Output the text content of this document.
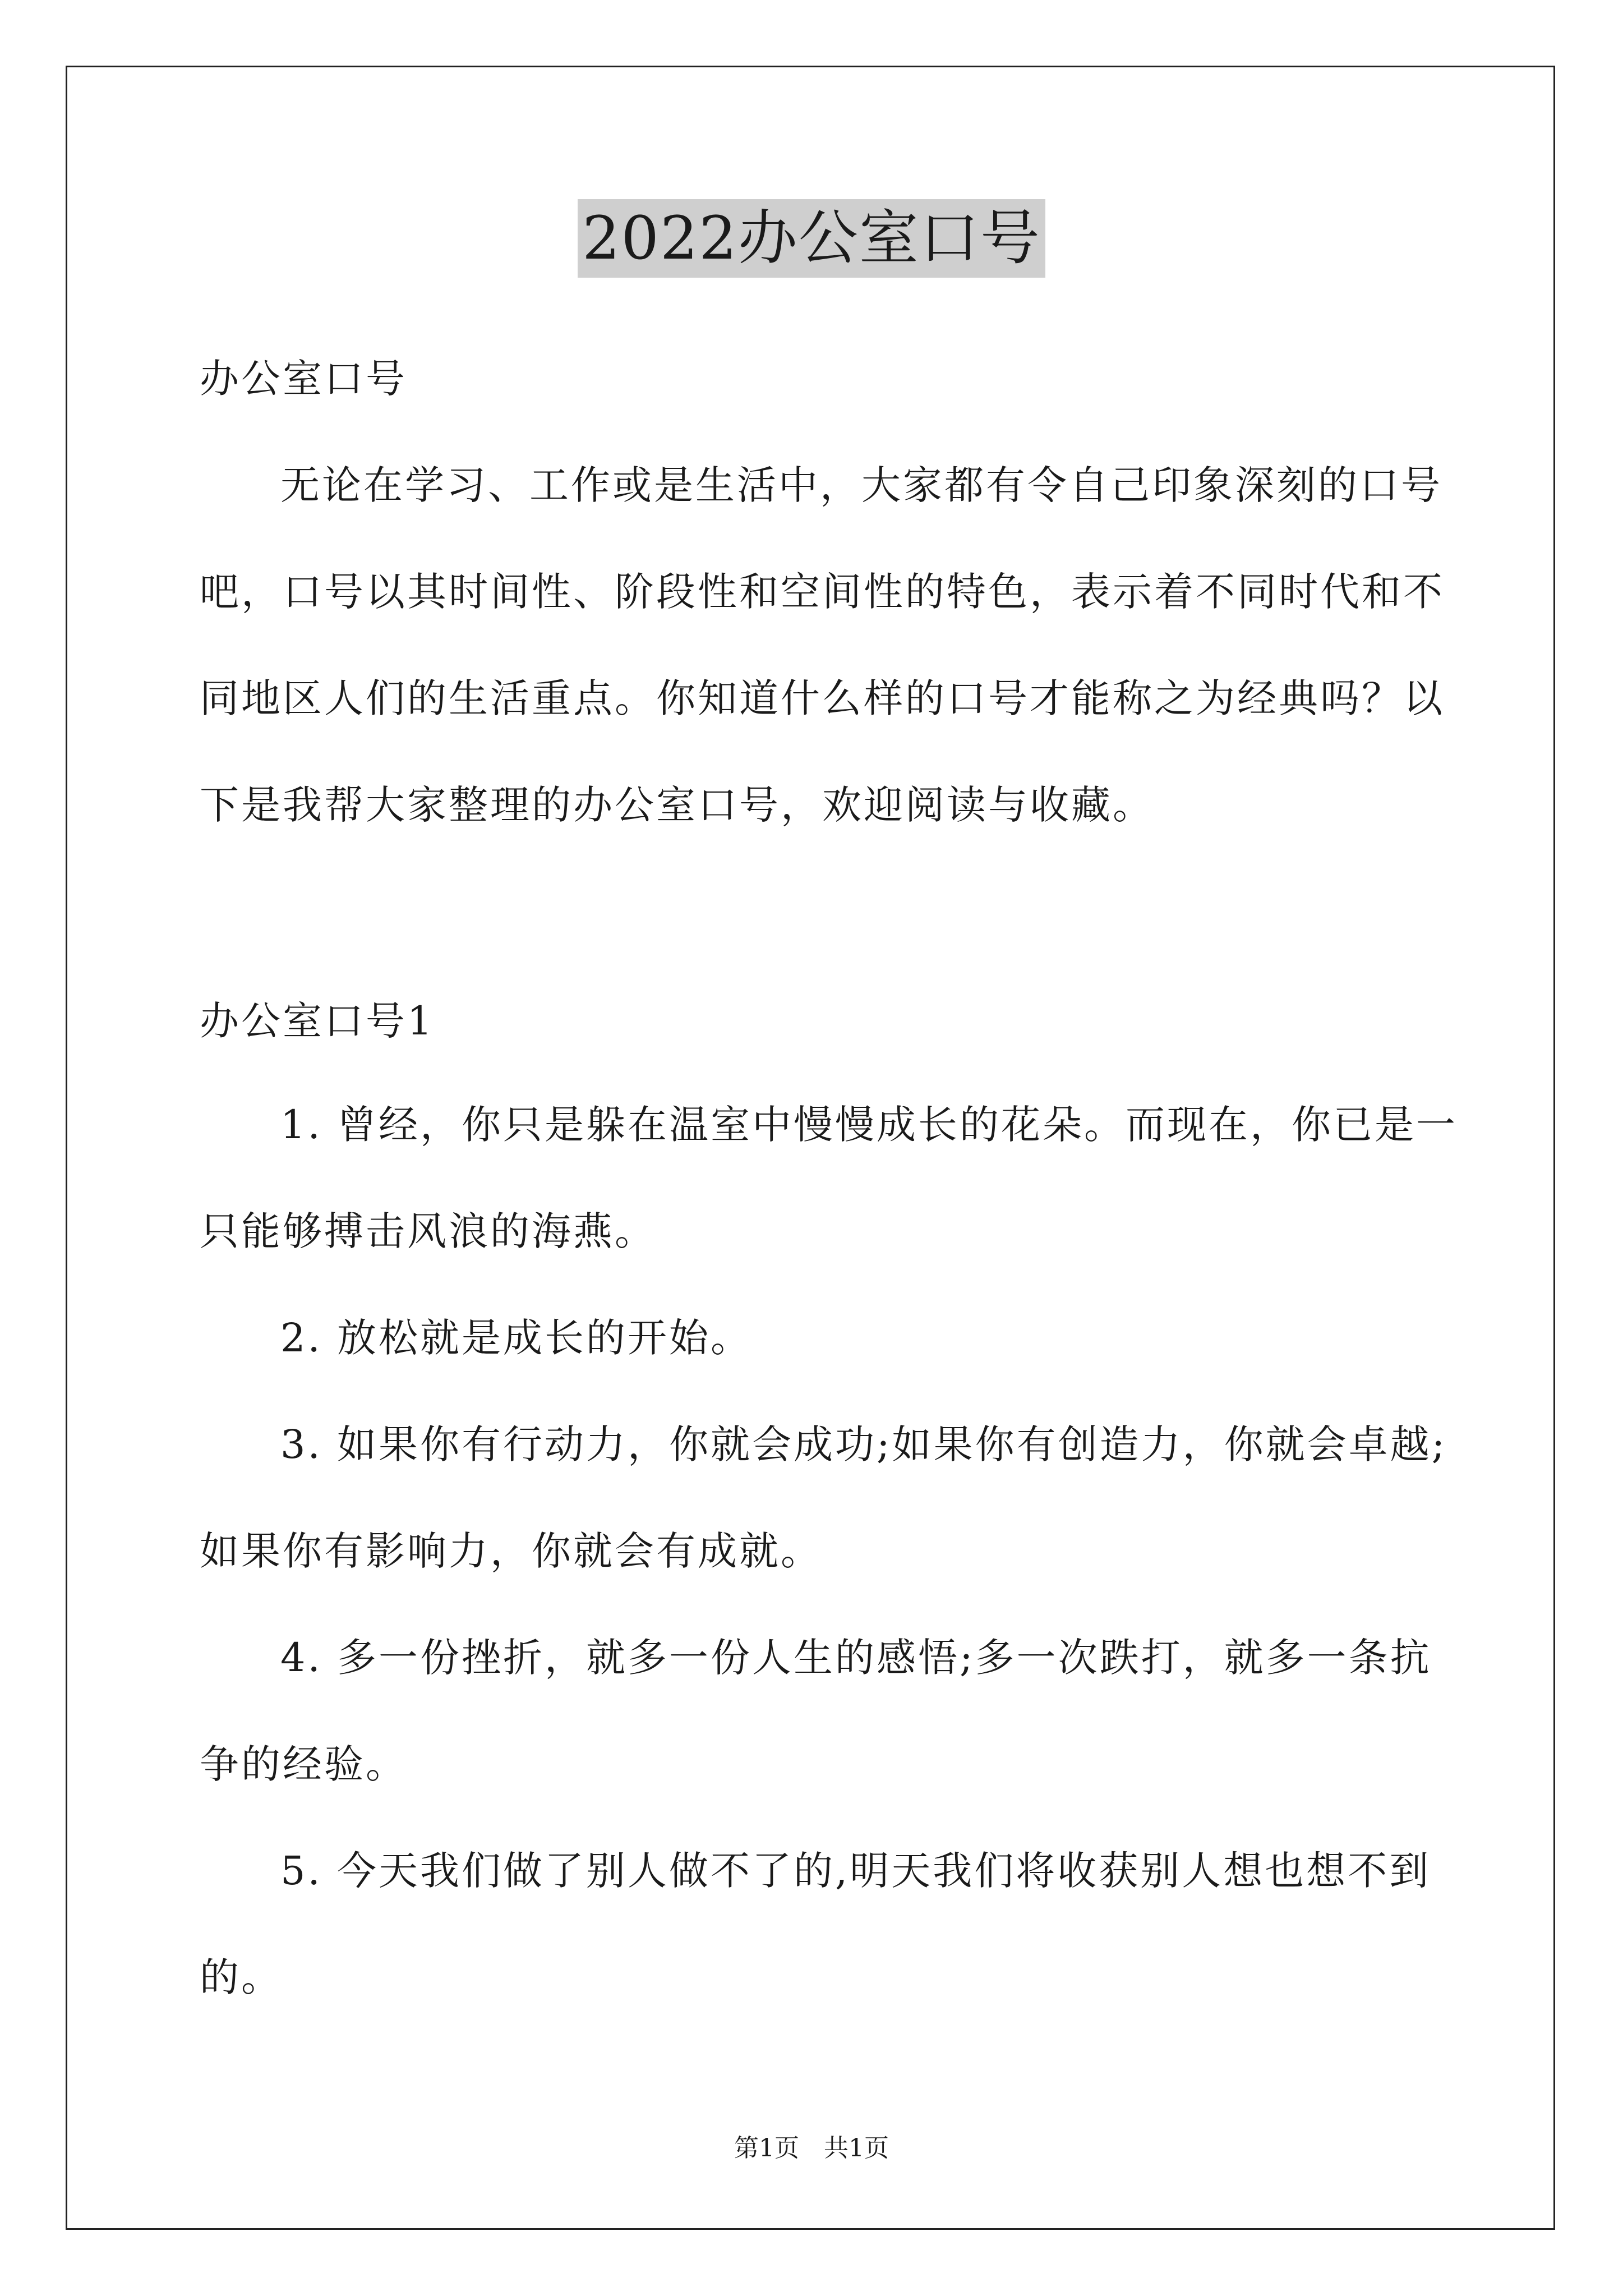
2022办公室口号
办公室口号
无论在学习、工作或是生活中，大家都有令自己印象深刻的口号
吧，口号以其时间性、阶段性和空间性的特色，表示着不同时代和不
同地区人们的生活重点。你知道什么样的口号才能称之为经典吗？以
下是我帮大家整理的办公室口号，欢迎阅读与收藏。
办公室口号1
1. 曾经，你只是躲在温室中慢慢成长的花朵。而现在，你已是一
只能够搏击风浪的海燕。
2. 放松就是成长的开始。
3. 如果你有行动力，你就会成功;如果你有创造力，你就会卓越;
如果你有影响力，你就会有成就。
4. 多一份挫折，就多一份人生的感悟;多一次跌打，就多一条抗
争的经验。
5. 今天我们做了别人做不了的,明天我们将收获别人想也想不到
的。
第1页　共1页
